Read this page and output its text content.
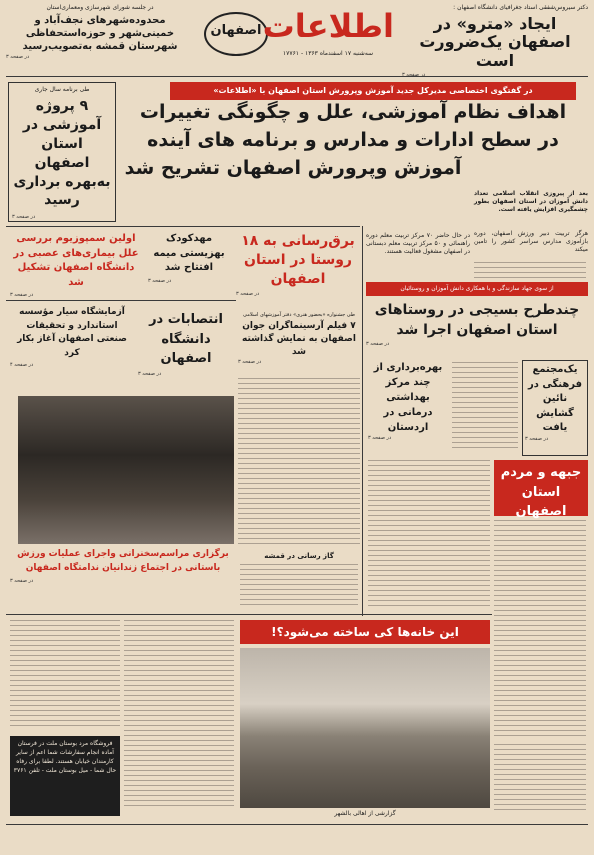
اصفهان اطلاعات
سه‌شنبه ۱۷ اسفندماه ۱۳۶۳ - ۱۷۷۶۱
دکتر سیروس‌شفقی استاد جغرافیای دانشگاه اصفهان :
ایجاد «مترو» در اصفهان یک‌ضرورت است
در جلسه شورای شهرسازی ومعماری‌استان
محدوده‌شهرهای نجف‌آباد و خمینی‌شهر و حوزه‌استحفاظی شهرستان قمشه به‌تصویب‌رسید
در صفحه ۳
در گفتگوی اختصاصی مدیرکل جدید آموزش وپرورش استان اصفهان با «اطلاعات»
اهداف نظام آموزشی، علل و چگونگی تغییرات
در سطح ادارات و مدارس و برنامه های آینده
آموزش وپرورش اصفهان تشریح شد
طی برنامه‌ سال‌ جاری
۹ پروژه آموزشی در استان اصفهان به‌بهره برداری رسید
در صفحه ۳
بعد از پیروزی انقلاب اسلامی تعداد دانش آموزان در استان اصفهان بطور چشمگیری افزایش یافته است.
هرگز تربیت دبیر ورزش اصفهان، دوره بازآموزی مدارس سراسر کشور را تامین میکند
در حال حاضر ۷۰ مرکز تربیت معلم دوره راهنمائی و ۵۰ مرکز تربیت معلم دبستانی در اصفهان مشغول فعالیت هستند.
اولین سمپوزیوم بررسی علل بیماری‌های عصبی در دانشگاه اصفهان تشکیل شد
در صفحه ۳
مهدکودک بهزیستی میمه افتتاح شد
در صفحه ۳
برق‌رسانی به ۱۸ روستا در استان اصفهان
در صفحه ۳
از سوی جهاد سازندگی و با همکاری دانش آموزان و روستائیان
چندطرح بسیجی در روستاهای استان اصفهان اجرا شد
در صفحه ۳
آزمایشگاه سیار مؤسسه استاندارد و تحقیقات صنعتی اصفهان آغاز بکار کرد
در صفحه ۴
انتصابات در دانشگاه اصفهان
در صفحه ۳
طی جشنواره «بحضور هنری» دفتر آموزشهای اسلامی
۷ فیلم آرسینماگران جوان اصفهان به نمایش گذاشته شد
در صفحه ۳	بهره‌برداری از چند مرکز بهداشتی درمانی در اردستان
در صفحه ۳
یک‌مجتمع فرهنگی در نائین گشایش یافت
در صفحه ۳
جبهه و مردم استان اصفهان
برگزاری مراسم‌سخنرانی واجرای عملیات ورزش باستانی در اجتماع زندانیان ندامتگاه اصفهان
در صفحه ۳
گاز رسانی در قمشه
این خانه‌ها کی ساخته می‌شود؟!
گزارشی از اهالی بالشهر
فروشگاه مرد بوستان ملت در فرستان آماده انجام سفارشات شما اعم از سایر کارمندان خیابان هستند. لطفا برای رفاه حال شما - میل بوستان ملت - تلفن ۳۷۶۱
